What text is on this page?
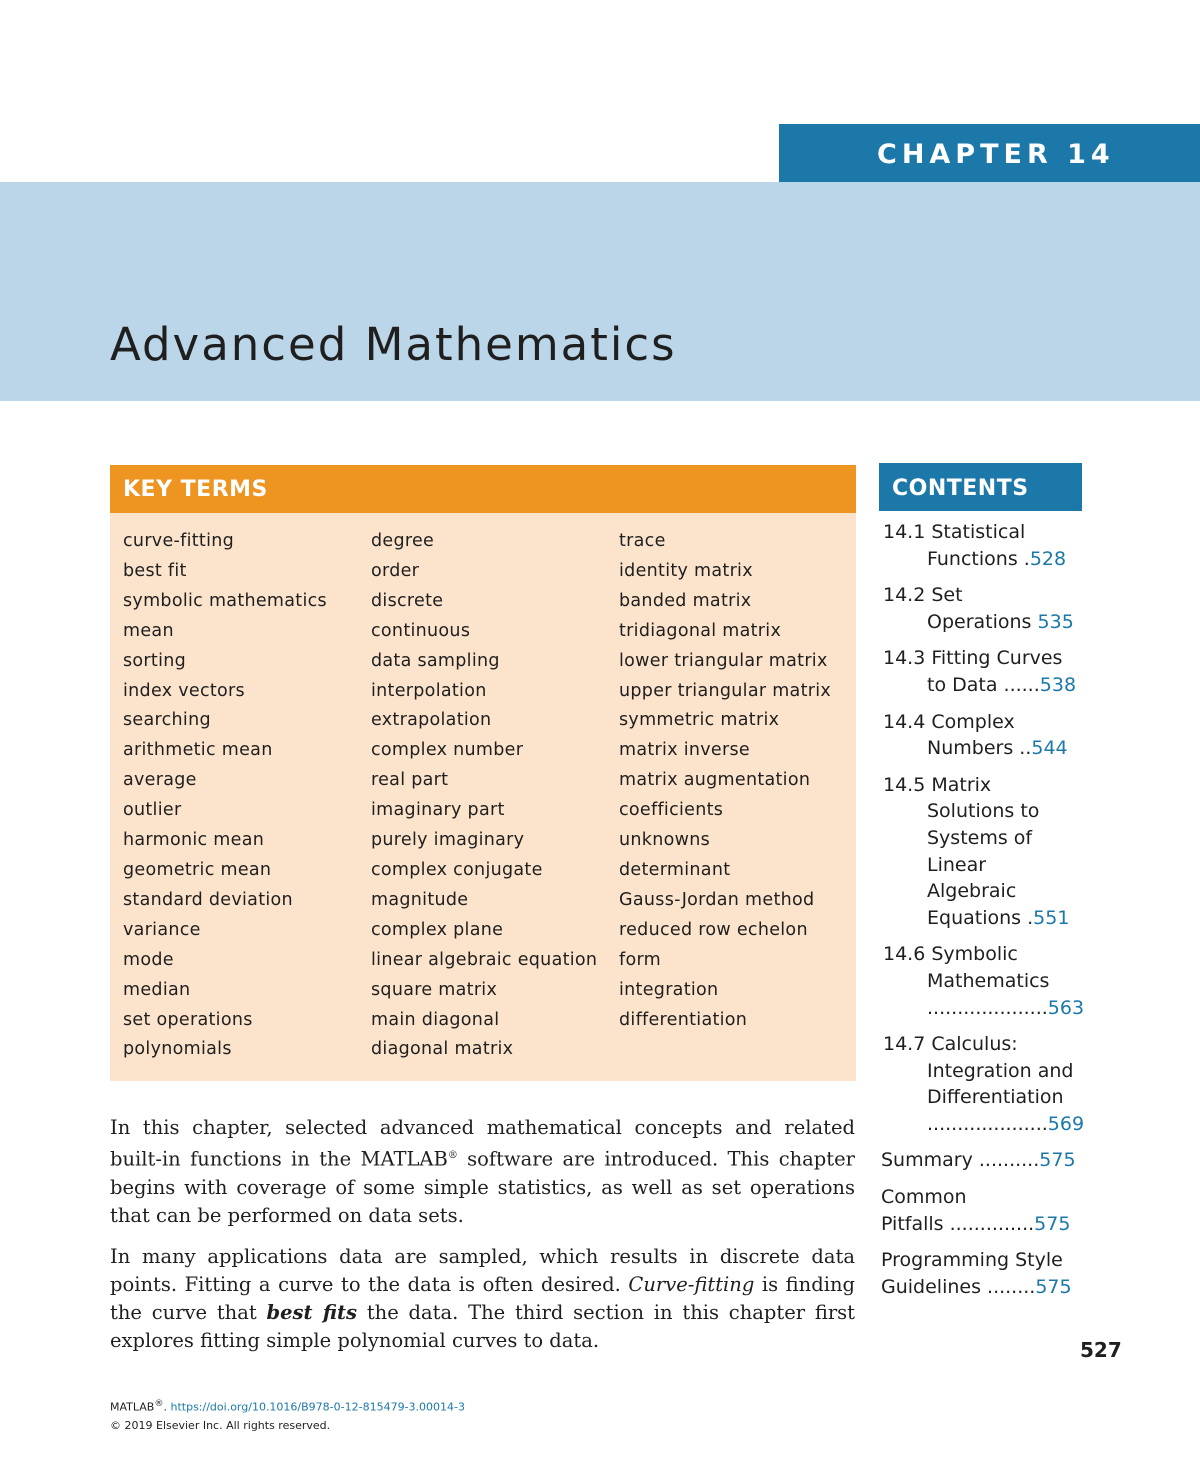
CHAPTER 14
Advanced Mathematics
KEY TERMS
curve-fitting
best fit
symbolic mathematics
mean
sorting
index vectors
searching
arithmetic mean
average
outlier
harmonic mean
geometric mean
standard deviation
variance
mode
median
set operations
polynomials
degree
order
discrete
continuous
data sampling
interpolation
extrapolation
complex number
real part
imaginary part
purely imaginary
complex conjugate
magnitude
complex plane
linear algebraic equation
square matrix
main diagonal
diagonal matrix
trace
identity matrix
banded matrix
tridiagonal matrix
lower triangular matrix
upper triangular matrix
symmetric matrix
matrix inverse
matrix augmentation
coefficients
unknowns
determinant
Gauss-Jordan method
reduced row echelon
form
integration
differentiation
CONTENTS
14.1 Statistical
Functions .528
14.2 Set
Operations 535
14.3 Fitting Curves
to Data ......538
14.4 Complex
Numbers ..544
14.5 Matrix
Solutions to
Systems of
Linear
Algebraic
Equations .551
14.6 Symbolic
Mathematics
....................563
14.7 Calculus:
Integration and
Differentiation
....................569
Summary ..........575
Common
Pitfalls ..............575
Programming Style
Guidelines ........575

In this chapter, selected advanced mathematical concepts and related built-in functions in the MATLAB® software are introduced. This chapter begins with coverage of some simple statistics, as well as set operations that can be performed on data sets.

In many applications data are sampled, which results in discrete data points. Fitting a curve to the data is often desired. Curve-fitting is finding the curve that best fits the data. The third section in this chapter first explores fitting simple polynomial curves to data.	527
MATLAB®. https://doi.org/10.1016/B978-0-12-815479-3.00014-3
© 2019 Elsevier Inc. All rights reserved.
